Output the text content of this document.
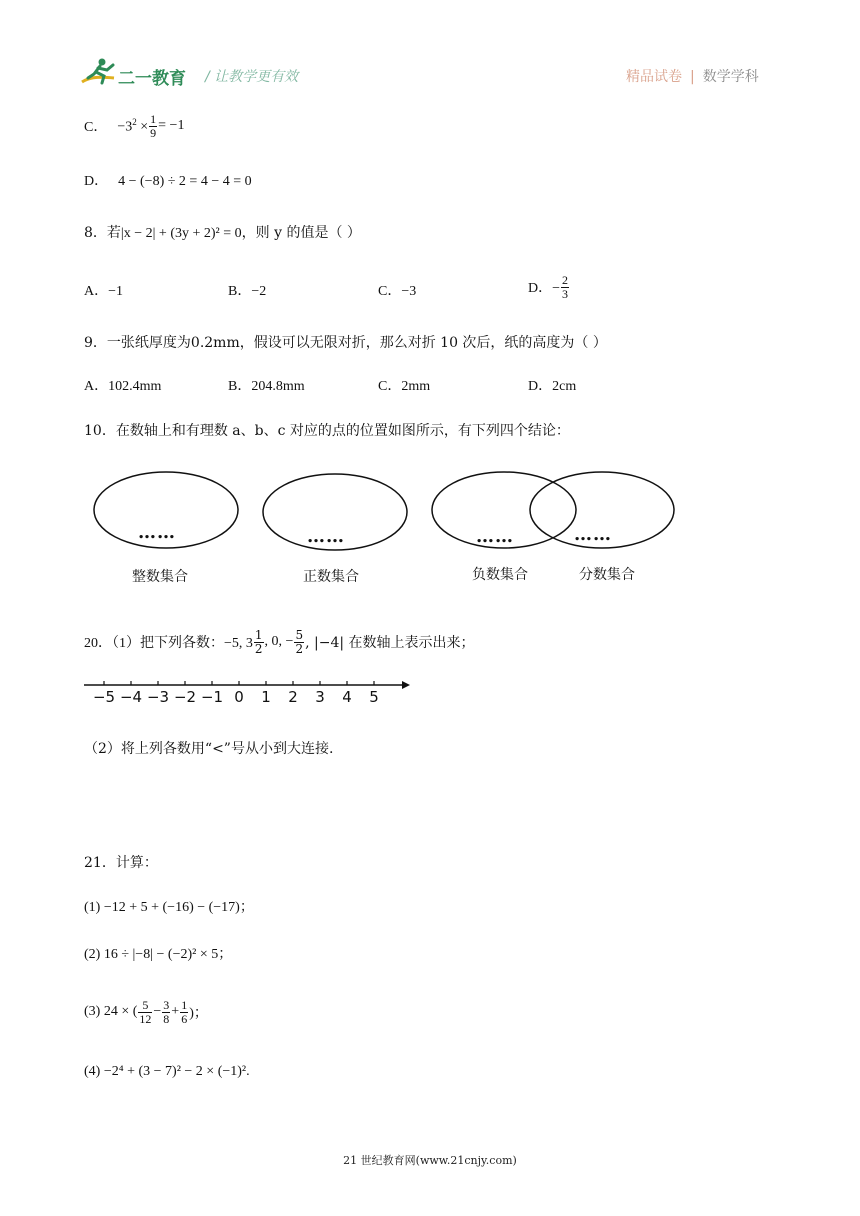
二一教育 / 让教学更有效	精品试卷 | 数学学科
C． $-3^2 \times \frac{1}{9} = -1$
D． 4 − (−8) ÷ 2 = 4 − 4 = 0
8．若|x − 2| + (3y + 2)² = 0，则 y 的值是（ ）
A．−1	B．−2	C．−3	D．− $\frac{2}{3}$
9．一张纸厚度为0.2mm，假设可以无限对折，那么对折 10 次后，纸的高度为（ ）
A．102.4mm	B．204.8mm	C．2mm	D．2cm
10．在数轴上和有理数 a、b、c 对应的点的位置如图所示，有下列四个结论：
……	……	……	……
整数集合	正数集合	负数集合	分数集合
20．（1）把下列各数：−5, $3 \frac{1}{2}$ , 0, − $\frac{5}{2}$ , |−4| 在数轴上表示出来；
−5 −4 −3 −2 −1 0	1	2	3	4	5
（2）将上列各数用“<”号从小到大连接.
21．计算：
(1) −12 + 5 + (−16) − (−17)；
(2) 16 ÷ |−8| − (−2)² × 5；
(3) 24 × ( $\frac{5}{12} - \frac{3}{8} + \frac{1}{6}$ )；
(4) −2⁴ + (3 − 7)² − 2 × (−1)².
21 世纪教育网(www.21cnjy.com)
